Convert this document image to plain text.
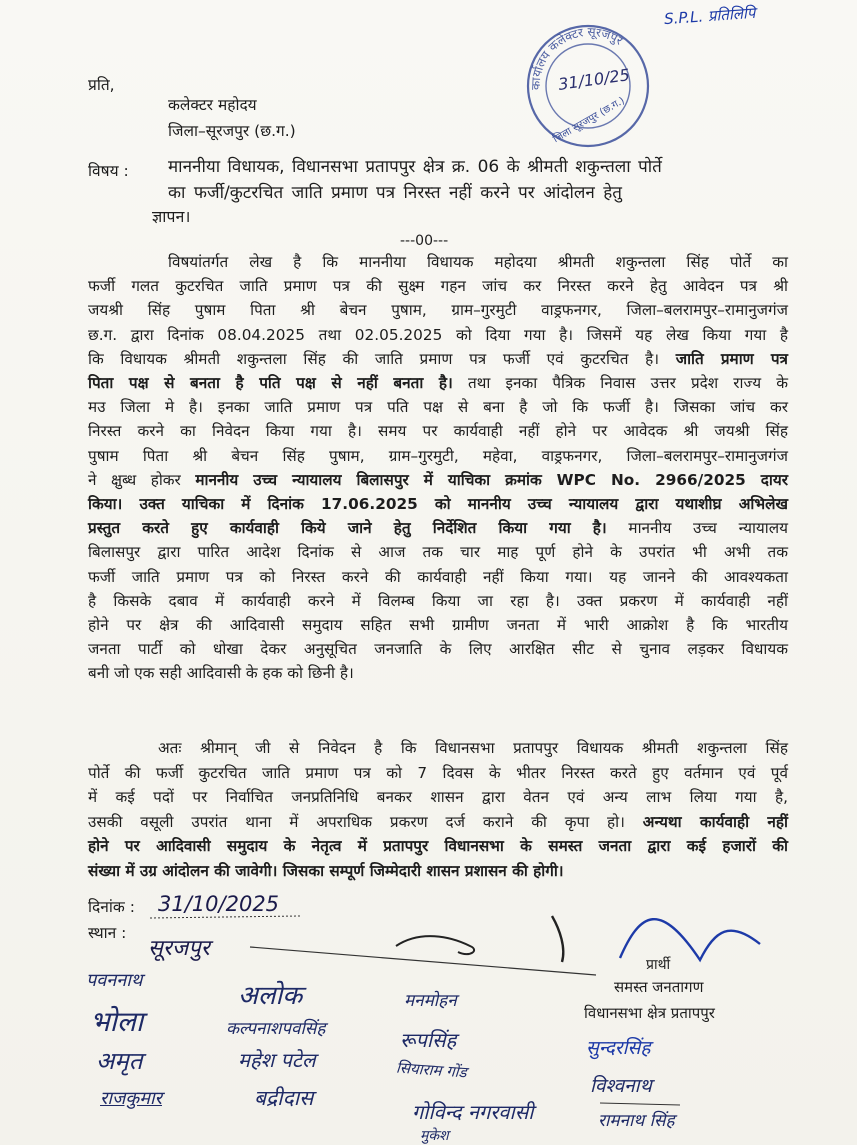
S.P.L. प्रतिलिपि
कार्यालय कलेक्टर सूरजपुर
31/10/25
जिला सूरजपुर (छ.ग.)
प्रति,
कलेक्टर महोदय
जिला–सूरजपुर (छ.ग.)
विषय : माननीया विधायक, विधानसभा प्रतापपुर क्षेत्र क्र. 06 के श्रीमती शकुन्तला पोर्ते
का फर्जी/कुटरचित जाति प्रमाण पत्र निरस्त नहीं करने पर आंदोलन हेतु
ज्ञापन।
---00---
विषयांतर्गत लेख है कि माननीया विधायक महोदया श्रीमती शकुन्तला सिंह पोर्ते का
फर्जी गलत कुटरचित जाति प्रमाण पत्र की सुक्ष्म गहन जांच कर निरस्त करने हेतु आवेदन पत्र श्री
जयश्री सिंह पुषाम पिता श्री बेचन पुषाम, ग्राम–गुरमुटी वाड्रफनगर, जिला–बलरामपुर–रामानुजगंज
छ.ग. द्वारा दिनांक 08.04.2025 तथा 02.05.2025 को दिया गया है। जिसमें यह लेख किया गया है
कि विधायक श्रीमती शकुन्तला सिंह की जाति प्रमाण पत्र फर्जी एवं कुटरचित है। जाति प्रमाण पत्र
पिता पक्ष से बनता है पति पक्ष से नहीं बनता है। तथा इनका पैत्रिक निवास उत्तर प्रदेश राज्य के
मउ जिला मे है। इनका जाति प्रमाण पत्र पति पक्ष से बना है जो कि फर्जी है। जिसका जांच कर
निरस्त करने का निवेदन किया गया है। समय पर कार्यवाही नहीं होने पर आवेदक श्री जयश्री सिंह
पुषाम पिता श्री बेचन सिंह पुषाम, ग्राम–गुरमुटी, महेवा, वाड्रफनगर, जिला–बलरामपुर–रामानुजगंज
ने क्षुब्ध होकर माननीय उच्च न्यायालय बिलासपुर में याचिका क्रमांक WPC No. 2966/2025 दायर
किया। उक्त याचिका में दिनांक 17.06.2025 को माननीय उच्च न्यायालय द्वारा यथाशीघ्र अभिलेख
प्रस्तुत करते हुए कार्यवाही किये जाने हेतु निर्देशित किया गया है। माननीय उच्च न्यायालय
बिलासपुर द्वारा पारित आदेश दिनांक से आज तक चार माह पूर्ण होने के उपरांत भी अभी तक
फर्जी जाति प्रमाण पत्र को निरस्त करने की कार्यवाही नहीं किया गया। यह जानने की आवश्यकता
है किसके दबाव में कार्यवाही करने में विलम्ब किया जा रहा है। उक्त प्रकरण में कार्यवाही नहीं
होने पर क्षेत्र की आदिवासी समुदाय सहित सभी ग्रामीण जनता में भारी आक्रोश है कि भारतीय
जनता पार्टी को धोखा देकर अनुसूचित जनजाति के लिए आरक्षित सीट से चुनाव लड़कर विधायक
बनी जो एक सही आदिवासी के हक को छिनी है।
अतः श्रीमान् जी से निवेदन है कि विधानसभा प्रतापपुर विधायक श्रीमती शकुन्तला सिंह
पोर्ते की फर्जी कुटरचित जाति प्रमाण पत्र को 7 दिवस के भीतर निरस्त करते हुए वर्तमान एवं पूर्व
में कई पदों पर निर्वाचित जनप्रतिनिधि बनकर शासन द्वारा वेतन एवं अन्य लाभ लिया गया है,
उसकी वसूली उपरांत थाना में अपराधिक प्रकरण दर्ज कराने की कृपा हो। अन्यथा कार्यवाही नहीं
होने पर आदिवासी समुदाय के नेतृत्व में प्रतापपुर विधानसभा के समस्त जनता द्वारा कई हजारों की
संख्या में उग्र आंदोलन की जावेगी। जिसका सम्पूर्ण जिम्मेदारी शासन प्रशासन की होगी।
दिनांक : 31/10/2025
स्थान :
सूरजपुर
प्रार्थी
समस्त जनतागण
विधानसभा क्षेत्र प्रतापपुर
पवननाथ
अलोक	मनमोहन
भोला	कल्पनाशपवसिंह	रूपसिंह
अमृत	महेश पटेल	सियाराम गोंड
सुन्दरसिंह
विश्वनाथ
राजकुमार	बद्रीदास
गोविन्द नगरवासी	रामनाथ सिंह
मुकेश
